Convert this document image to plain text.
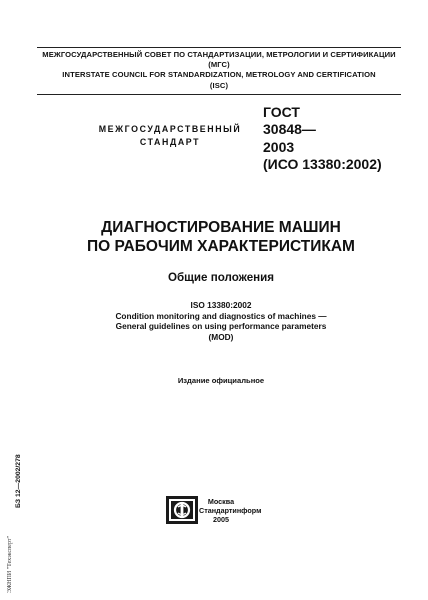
МЕЖГОСУДАРСТВЕННЫЙ СОВЕТ ПО СТАНДАРТИЗАЦИИ, МЕТРОЛОГИИ И СЕРТИФИКАЦИИ
(МГС)
INTERSTATE COUNCIL FOR STANDARDIZATION, METROLOGY AND CERTIFICATION
(ISC)
МЕЖГОСУДАРСТВЕННЫЙ
СТАНДАРТ
ГОСТ
30848—
2003
(ИСО 13380:2002)
ДИАГНОСТИРОВАНИЕ МАШИН
ПО РАБОЧИМ ХАРАКТЕРИСТИКАМ
Общие положения
ISO 13380:2002
Condition monitoring and diagnostics of machines —
General guidelines on using performance parameters
(MOD)
Издание официальное
БЗ 12—2002/278
ЭЖНПИ "Техэксперт"
Москва
Стандартинформ
2005
